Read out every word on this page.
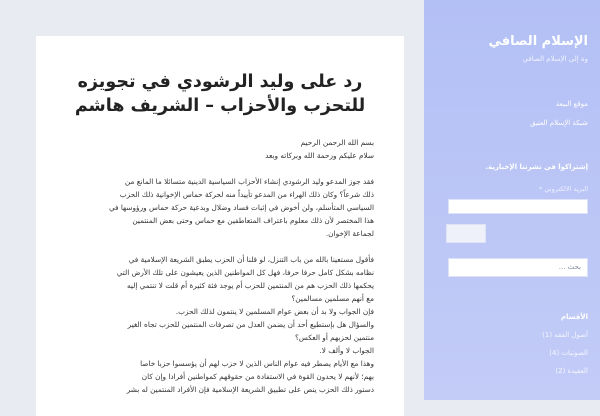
رد على وليد الرشودي في تجويزه للتحزب والأحزاب – الشريف هاشم

بسم الله الرحمن الرحيم

سلام عليكم ورحمة الله وبركاته وبعد

فقد جوز المدعو وليد الرشودي إنشاء الأحزاب السياسية الدينية متسائلا ما المانع من

ذلك شرعاً؟ وكان ذلك الهراء من المدعو تأييداً منه لحركة حماس الإخوانية ذلك الحزب

السياسي المتأسلم، ولن أخوض في إثبات فساد وضلال وبدعية حركة حماس ورؤوسها في

هذا المختصر لأن ذلك معلوم باعتراف المتعاطفين مع حماس وحتى بعض المنتمين

لجماعة الإخوان.

فأقول مستعينا بالله من باب التنزل، لو قلنا أن الحزب يطبق الشريعة الإسلامية في

نظامه بشكل كامل حرفا حرفا، فهل كل المواطنين الذين يعيشون على تلك الأرض التي

يحكمها ذلك الحزب هم من المنتمين للحزب أم يوجد فئة كثيرة أم قلت لا تنتمي إليه

مع أنهم مسلمين مسالمين؟

فإن الجواب ولا بد أن بعض عوام المسلمين لا ينتمون لذلك الحزب.

والسؤال هل بإستطيع أحد أن يضمن العدل من تصرفات المنتمين للحزب تجاه الغير

منتمين لحزبهم أو العكس؟

الجواب لا وألف لا.

وهذا مع الأيام يصطر فيه عوام الناس الذين لا حزب لهم أن يؤسسوا حزبا خاصا

بهم؛ لأنهم لا يحدون القوة في الاستفادة من حقوقهم كمواطنين أفرادا وإن كان

دستور ذلك الحزب ينص على تطبيق الشريعة الإسلامية فإن الأفراد المنتمين له بشر

الإسلام الصافي
وة إلى الإسلام الصافي
موقع البيعة
شبكة الإسلام العتيق
إشتراكوا في نشرتنا الإخبارية.
البريد الالكتروني *
بحث ...
الأقسام
أصول الفقه (1)
الصوتيات (4)
العقيدة (2)
